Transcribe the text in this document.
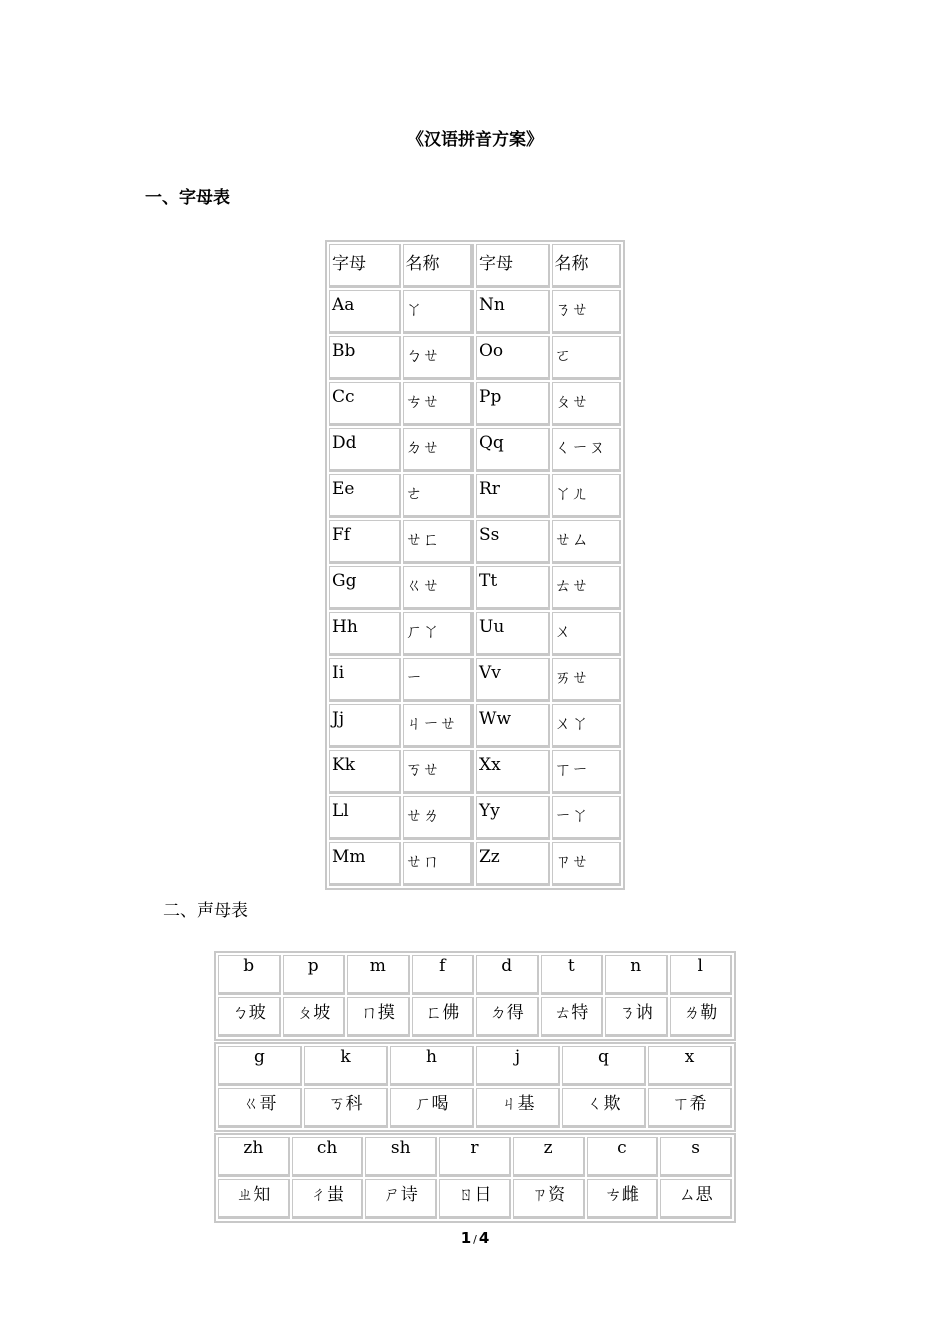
《汉语拼音方案》
一、字母表
字母	名称	字母	名称
Aa	ㄚ	Nn	ㄋㄝ
Bb	ㄅㄝ	Oo	ㄛ
Cc	ㄘㄝ	Pp	ㄆㄝ
Dd	ㄉㄝ	Qq	ㄑㄧㄡ
Ee	ㄜ	Rr	ㄚㄦ
Ff	ㄝㄈ	Ss	ㄝㄙ
Gg	ㄍㄝ	Tt	ㄊㄝ
Hh	ㄏㄚ	Uu	ㄨ
Ii	ㄧ	Vv	ㄞㄝ
Jj	ㄐㄧㄝ	Ww	ㄨㄚ
Kk	ㄎㄝ	Xx	ㄒㄧ
Ll	ㄝㄌ	Yy	ㄧㄚ
Mm	ㄝㄇ	Zz	ㄗㄝ
二、声母表
b	p	m	f	d	t	n	l
ㄅ玻	ㄆ坡	ㄇ摸	ㄈ佛	ㄉ得	ㄊ特	ㄋ讷	ㄌ勒
g	k	h	j	q	x
ㄍ哥	ㄎ科	ㄏ喝	ㄐ基	ㄑ欺	ㄒ希
zh	ch	sh	r	z	c	s
ㄓ知	ㄔ蚩	ㄕ诗	ㄖ日	ㄗ资	ㄘ雌	ㄙ思
1 / 4
